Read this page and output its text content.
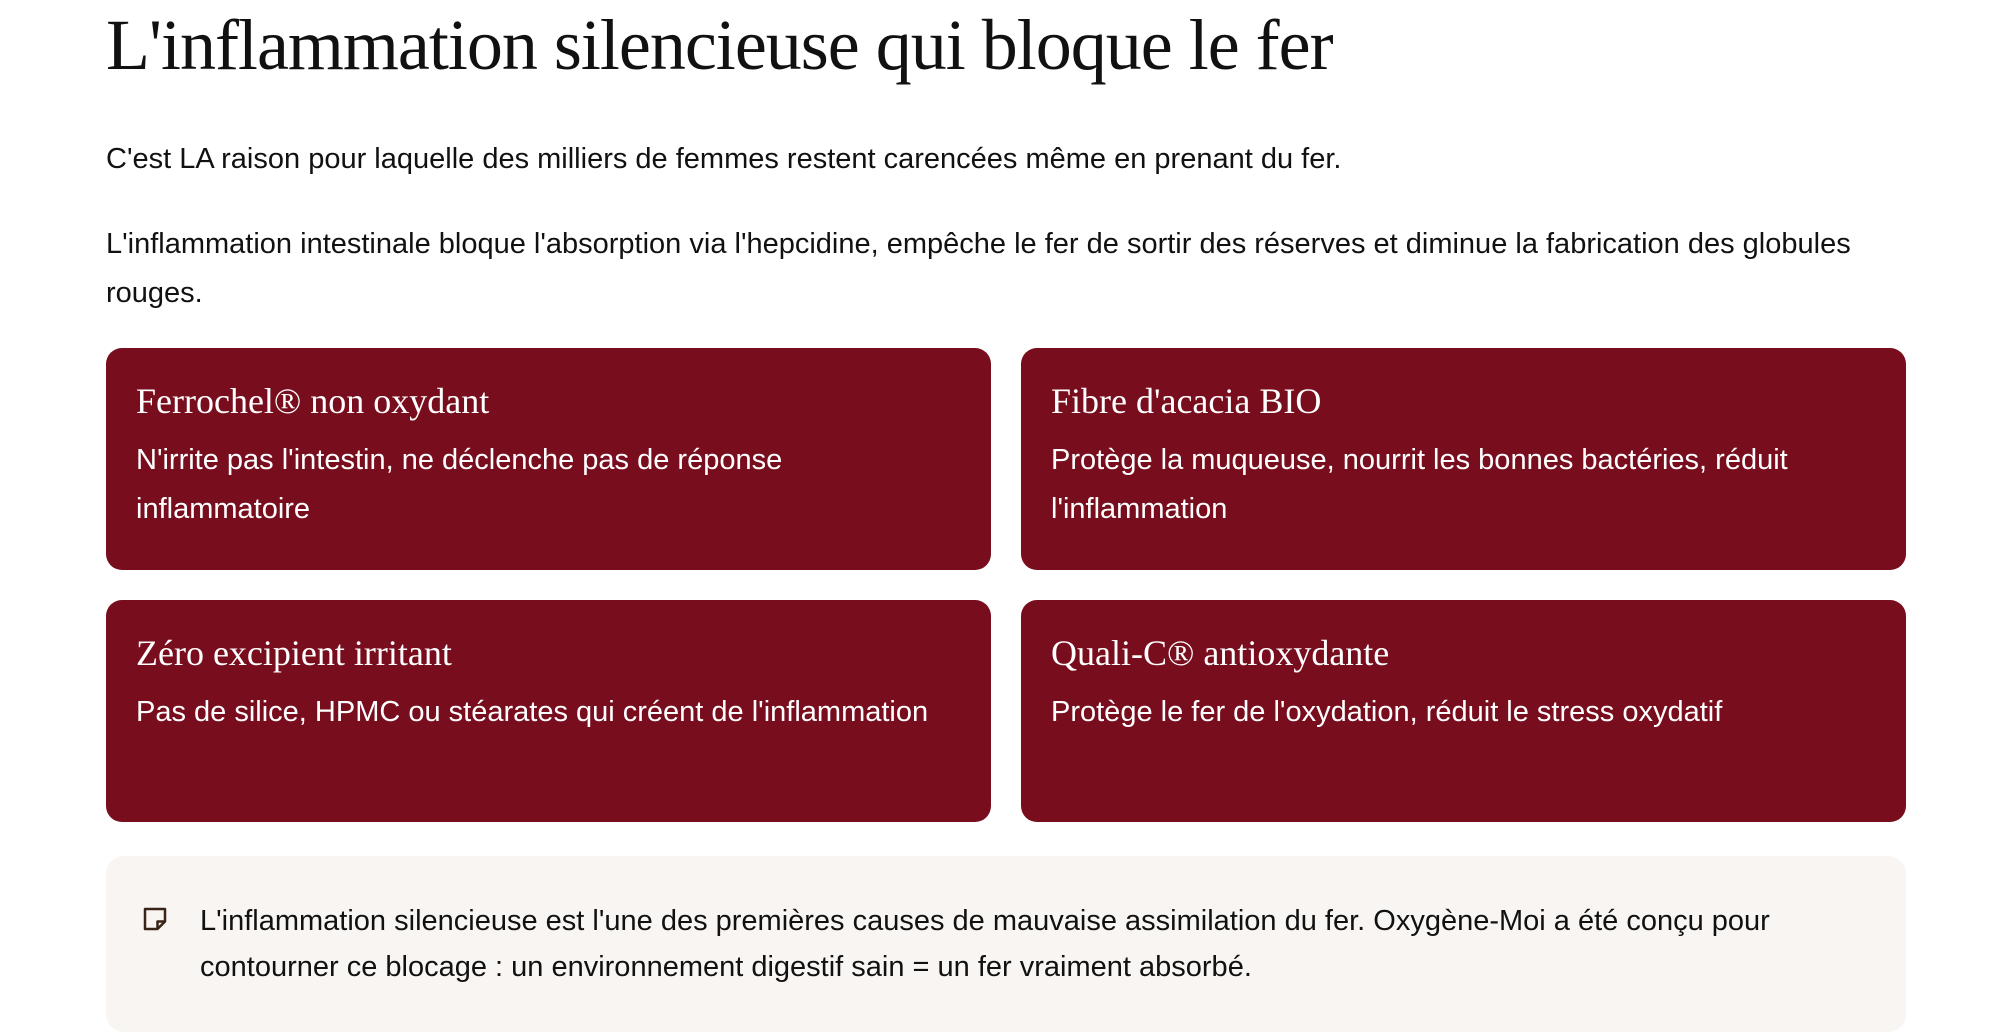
L'inflammation silencieuse qui bloque le fer

C'est LA raison pour laquelle des milliers de femmes restent carencées même en prenant du fer.

L'inflammation intestinale bloque l'absorption via l'hepcidine, empêche le fer de sortir des réserves et diminue la fabrication des globules rouges.

Ferrochel® non oxydant

N'irrite pas l'intestin, ne déclenche pas de réponse inflammatoire

Fibre d'acacia BIO

Protège la muqueuse, nourrit les bonnes bactéries, réduit l'inflammation

Zéro excipient irritant

Pas de silice, HPMC ou stéarates qui créent de l'inflammation

Quali-C® antioxydante

Protège le fer de l'oxydation, réduit le stress oxydatif

L'inflammation silencieuse est l'une des premières causes de mauvaise assimilation du fer. Oxygène-Moi a été conçu pour contourner ce blocage : un environnement digestif sain = un fer vraiment absorbé.
